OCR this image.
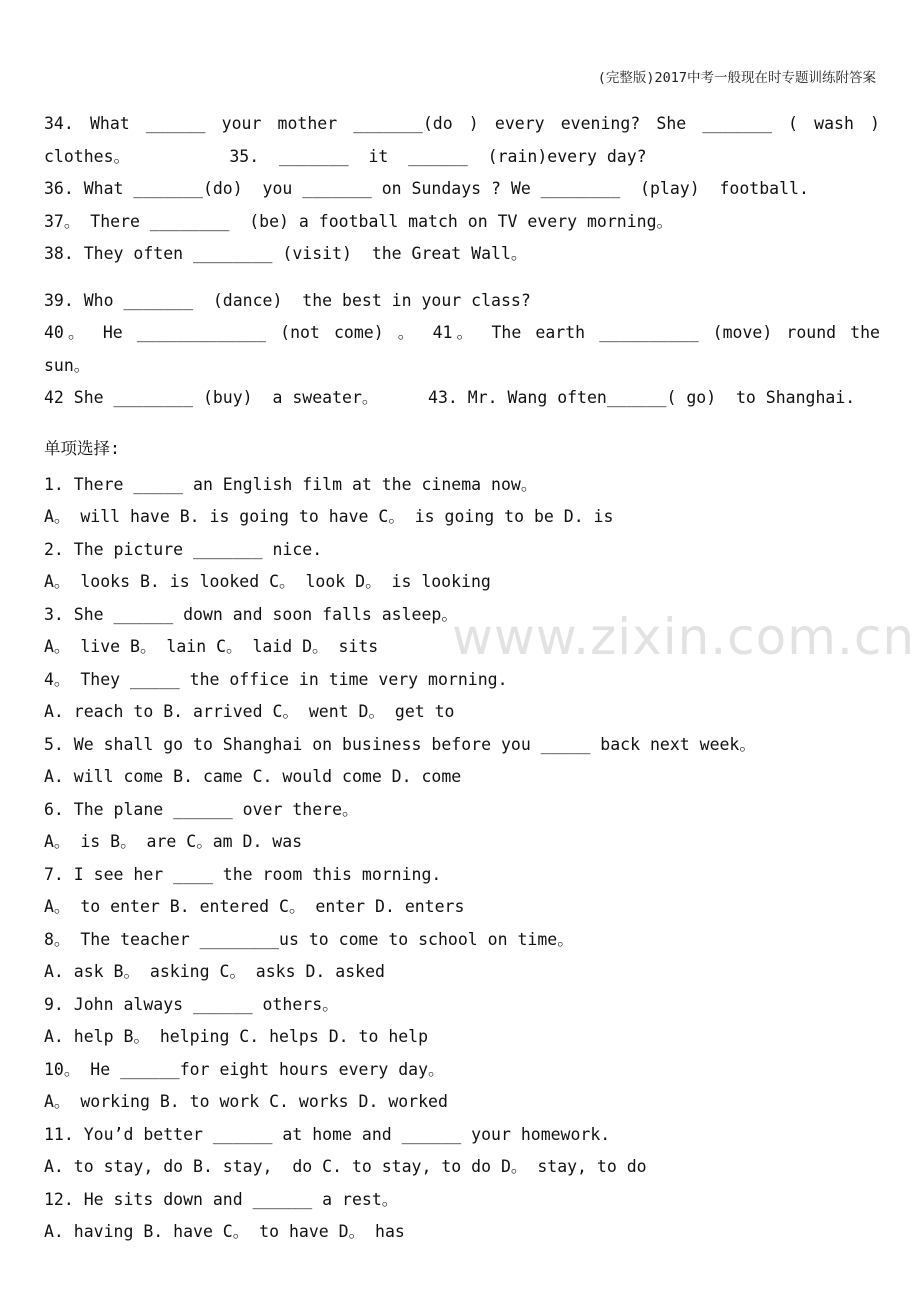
(完整版)2017中考一般现在时专题训练附答案
34. What ______ your mother _______(do ) every evening? She _______ ( wash )
clothes。          35.  _______  it  ______  (rain)every day?
36. What _______(do)  you _______ on Sundays ? We ________  (play)  football.
37。 There ________  (be) a football match on TV every morning。
38. They often ________ (visit)  the Great Wall。
39. Who _______  (dance)  the best in your class?
40。 He _____________ (not come) 。 41。 The earth __________ (move) round the
sun。
42 She ________ (buy)  a sweater。     43. Mr. Wang often______( go)  to Shanghai.
单项选择:
1. There _____ an English film at the cinema now。
A。 will have B. is going to have C。 is going to be D. is
2. The picture _______ nice.
A。 looks B. is looked C。 look D。 is looking
3. She ______ down and soon falls asleep。
A。 live B。 lain C。 laid D。 sits
4。 They _____ the office in time very morning.
A. reach to B. arrived C。 went D。 get to
5. We shall go to Shanghai on business before you _____ back next week。
A. will come B. came C. would come D. come
6. The plane ______ over there。
A。 is B。 are C。am D. was
7. I see her ____ the room this morning.
A。 to enter B. entered C。 enter D. enters
8。 The teacher ________us to come to school on time。
A. ask B。 asking C。 asks D. asked
9. John always ______ others。
A. help B。 helping C. helps D. to help
10。 He ______for eight hours every day。
A。 working B. to work C. works D. worked
11. You’d better ______ at home and ______ your homework.
A. to stay, do B. stay,  do C. to stay, to do D。 stay, to do
12. He sits down and ______ a rest。
A. having B. have C。 to have D。 has
www.zixin.com.cn
